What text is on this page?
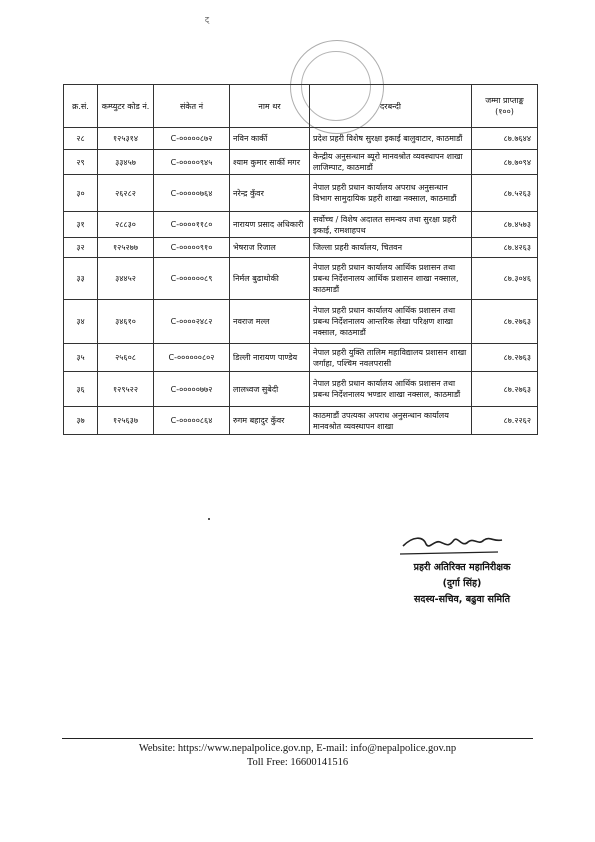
ट्
क्र.सं.	कम्प्युटर कोड नं.	संकेत नं	नाम थर	दरबन्दी	जम्मा प्राप्ताङ्क (१००)
२८	१२५३१४	C-०००००८७२	नविन कार्की	प्रदेश प्रहरी विशेष सुरक्षा इकाई बालुवाटार, काठमाडौं	८७.७६४४
२९	३३४५७	C-०००००९४५	श्याम कुमार सार्की मगर	केन्द्रीय अनुसन्धान ब्यूरो मानवश्रोत व्यवस्थापन शाखा लाजिम्पाट, काठमाडौं	८७.७०९४
३०	२६२८२	C-०००००७६४	नरेन्द्र कुँवर	नेपाल प्रहरी प्रधान कार्यालय अपराध अनुसन्धान विभाग सामुदायिक प्रहरी शाखा नक्साल, काठमाडौं	८७.५२६३
३१	२८८३०	C-००००११८०	नारायण प्रसाद अधिकारी	सर्वोच्च / विशेष अदालत समन्वय तथा सुरक्षा प्रहरी इकाई, रामशाहपथ	८७.४५७३
३२	१२५२७७	C-०००००९१०	भेषराज रिजाल	जिल्ला प्रहरी कार्यालय, चितवन	८७.४२६३
३३	३४४५२	C-००००००८९	निर्मल बुढाथोकी	नेपाल प्रहरी प्रधान कार्यालय आर्थिक प्रशासन तथा प्रबन्ध निर्देशनालय आर्थिक प्रशासन शाखा नक्साल, काठमाडौं	८७.३०४६
३४	३४६१०	C-००००२४८२	नवराज मल्ल	नेपाल प्रहरी प्रधान कार्यालय आर्थिक प्रशासन तथा प्रबन्ध निर्देशनालय आन्तरिक लेखा परिक्षण शाखा नक्साल, काठमाडौं	८७.२७६३
३५	२५६०८	C-००००००८०२	डिल्ली नारायण पाण्डेय	नेपाल प्रहरी युक्ति तालिम महाविद्यालय प्रशासन शाखा जर्गाहा, पश्चिम नवलपरासी	८७.२७६३
३६	१२९५२२	C-०००००७७२	लालध्वज सुबेदी	नेपाल प्रहरी प्रधान कार्यालय आर्थिक प्रशासन तथा प्रबन्ध निर्देशनालय भण्डार शाखा नक्साल, काठमाडौं	८७.२७६३
३७	१२५६३७	C-०००००८६४	रुगम बहादुर कुँवर	काठमाडौं उपत्यका अपराध अनुसन्धान कार्यालय मानवश्रोत व्यवस्थापन शाखा	८७.२२६२
प्रहरी अतिरिक्त महानिरीक्षक
(दुर्गा सिंह)
सदस्य-सचिव, बढुवा समिति
Website: https://www.nepalpolice.gov.np, E-mail: info@nepalpolice.gov.np
Toll Free: 16600141516
